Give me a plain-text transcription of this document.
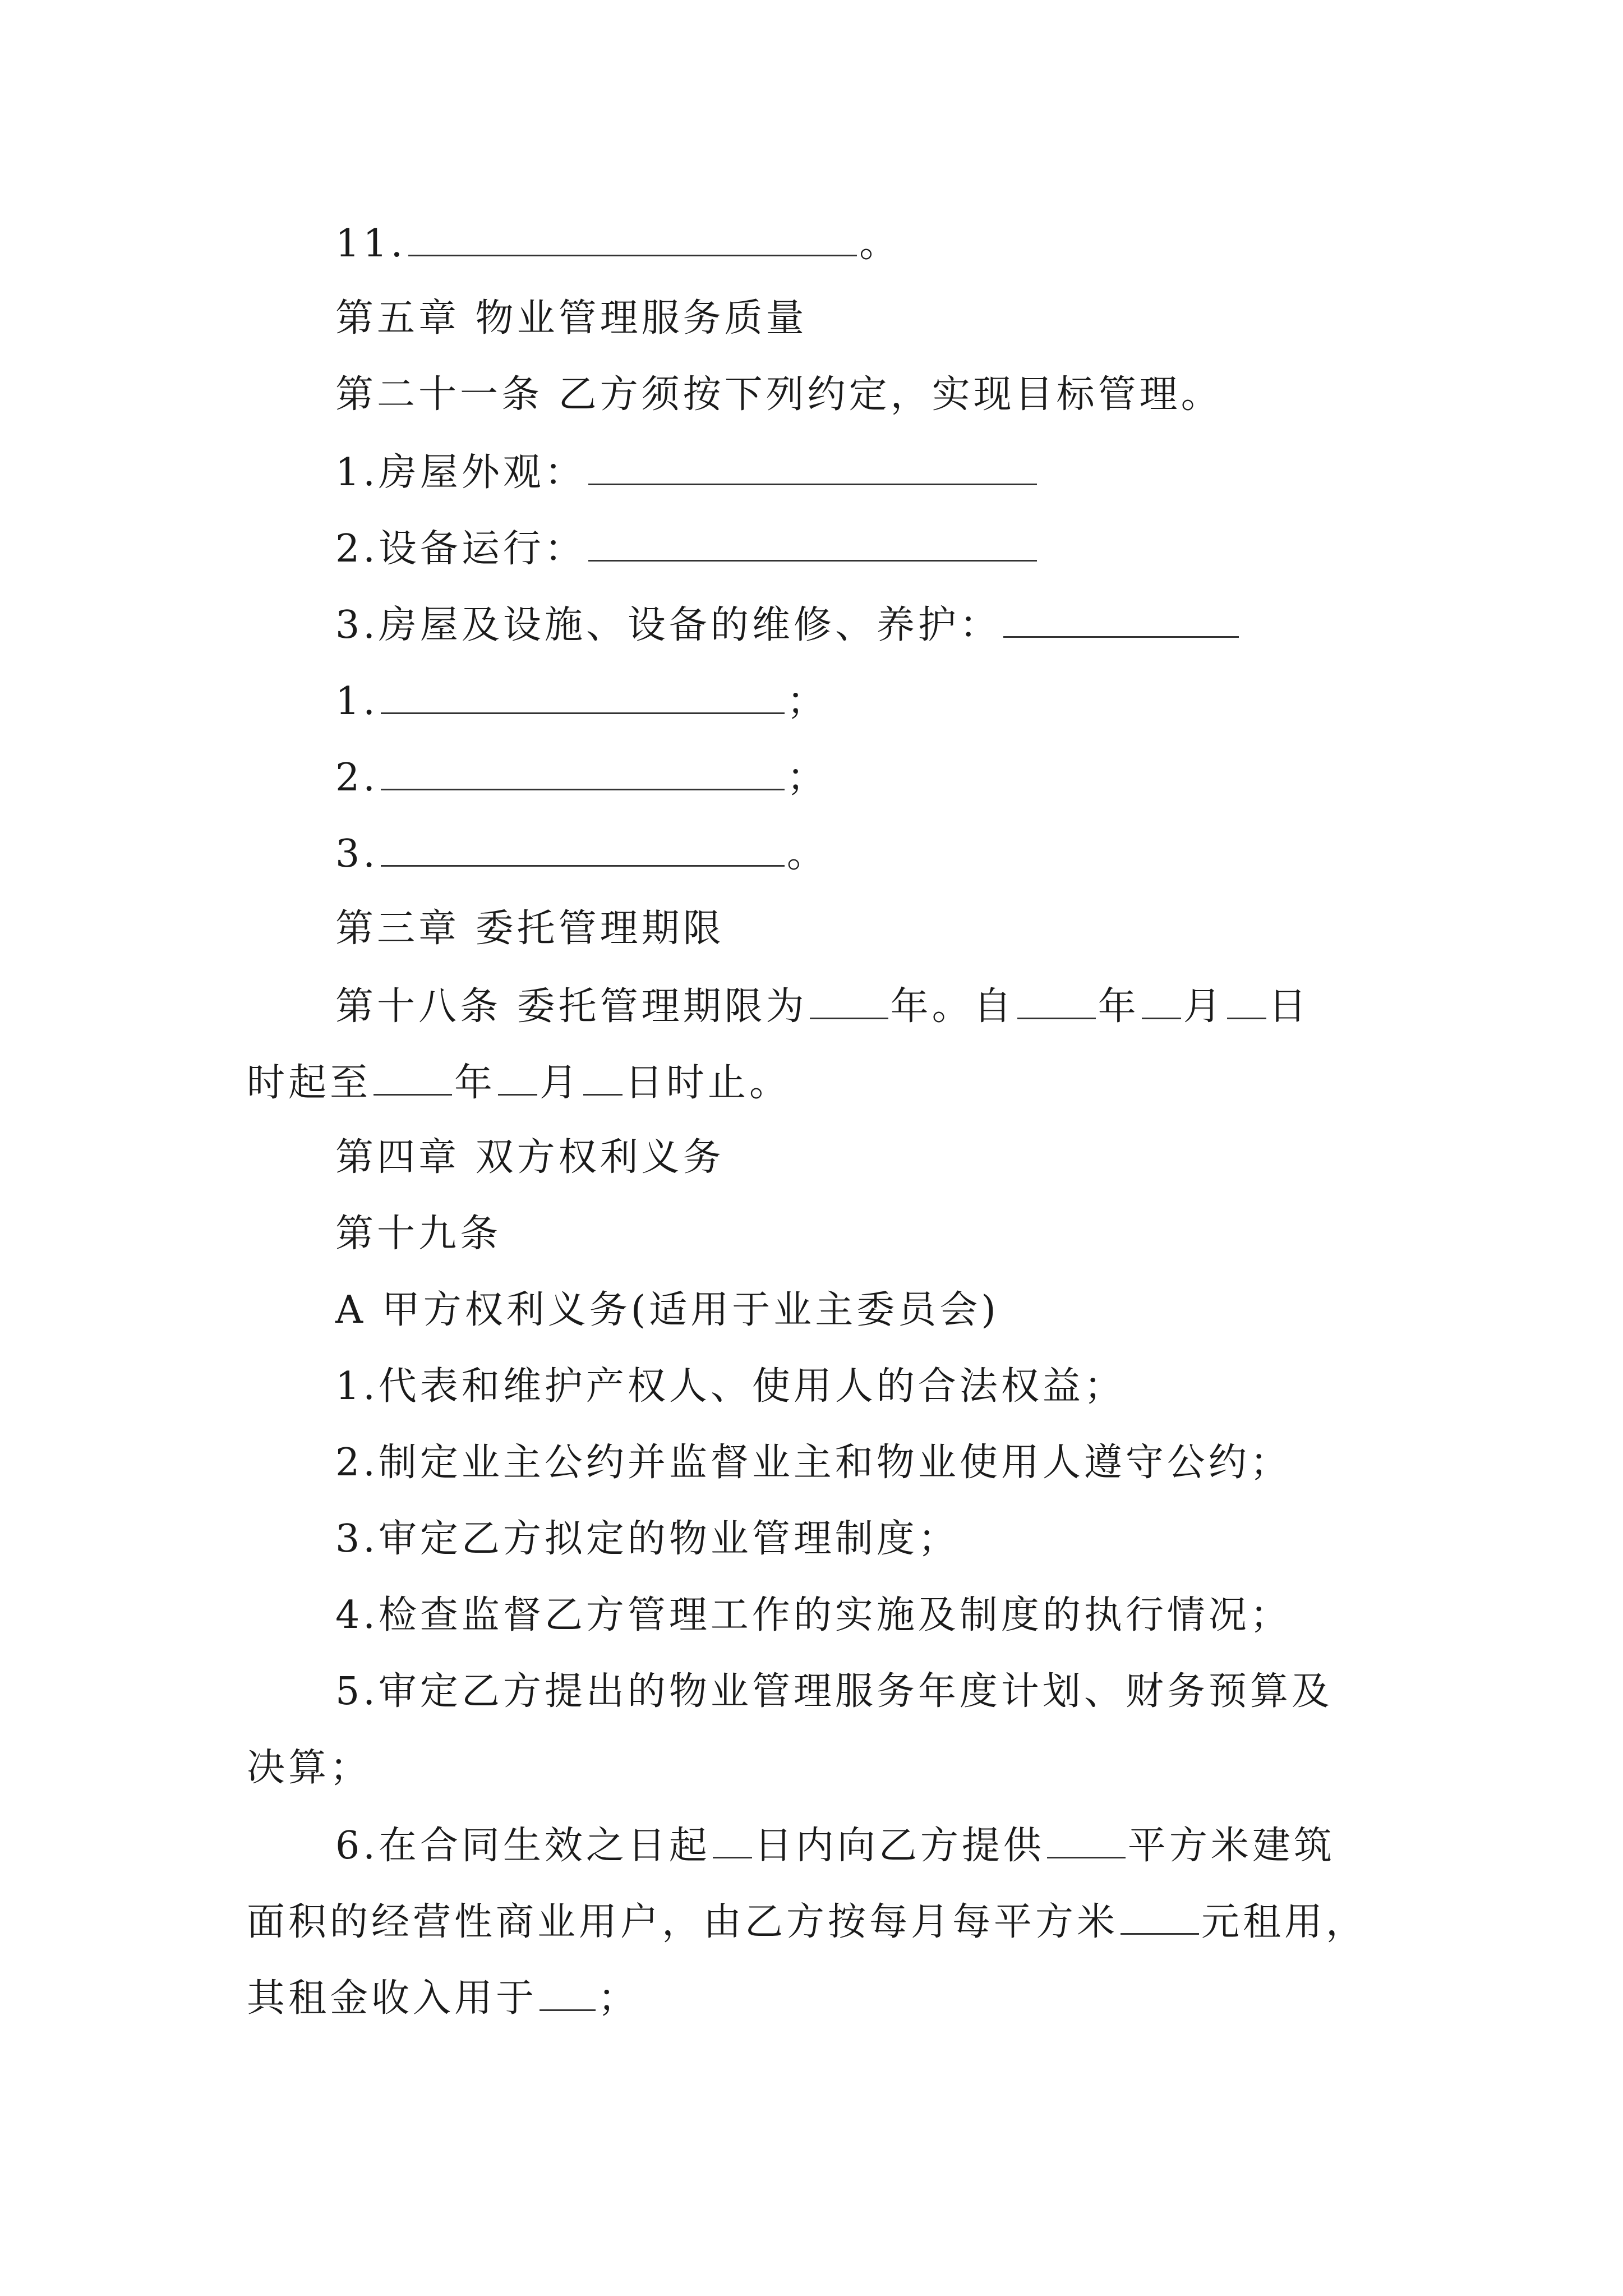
11.	。
第五章 物业管理服务质量
第二十一条 乙方须按下列约定，实现目标管理。
1.房屋外观：
2.设备运行：
3.房屋及设施、设备的维修、养护：
1.	；
2.	；
3.	。
第三章 委托管理期限
第十八条 委托管理期限为 年。自 年 月 日
时起至 年 月 日时止。
第四章 双方权利义务
第十九条
A 甲方权利义务(适用于业主委员会)
1.代表和维护产权人、使用人的合法权益；
2.制定业主公约并监督业主和物业使用人遵守公约；
3.审定乙方拟定的物业管理制度；
4.检查监督乙方管理工作的实施及制度的执行情况；
5.审定乙方提出的物业管理服务年度计划、财务预算及
决算；
6.在合同生效之日起 日内向乙方提供 平方米建筑
面积的经营性商业用户，由乙方按每月每平方米 元租用，
其租金收入用于 ；
